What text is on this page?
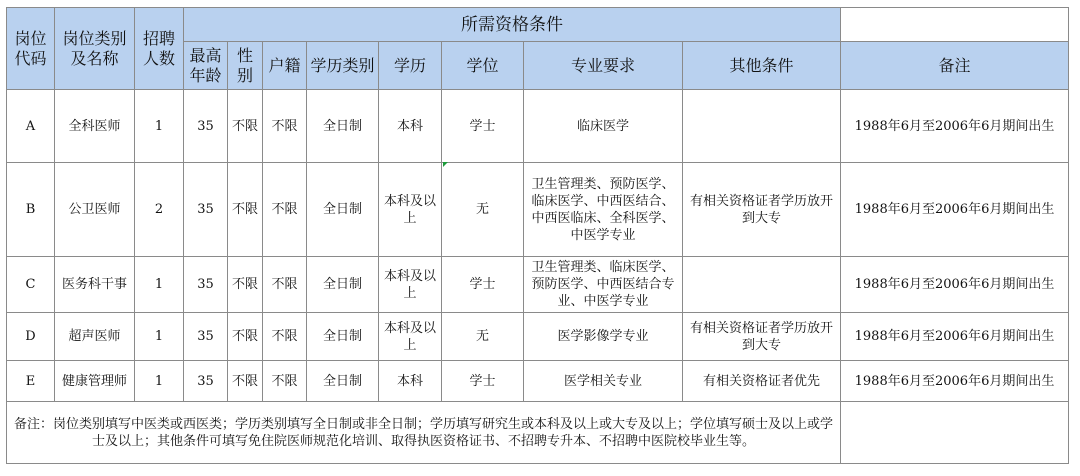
岗位代码	岗位类别及名称	招聘人数	所需资格条件								
			最高年龄	性别	户籍	学历类别	学历	学位	专业要求	其他条件	备注
A	全科医师	1	35	不限	不限	全日制	本科	学士	临床医学		1988年6月至2006年6月期间出生
B	公卫医师	2	35	不限	不限	全日制	本科及以上	无	卫生管理类、预防医学、临床医学、中西医结合、中西医临床、全科医学、中医学专业	有相关资格证者学历放开到大专	1988年6月至2006年6月期间出生
C	医务科干事	1	35	不限	不限	全日制	本科及以上	学士	卫生管理类、临床医学、预防医学、中西医结合专业、中医学专业		1988年6月至2006年6月期间出生
D	超声医师	1	35	不限	不限	全日制	本科及以上	无	医学影像学专业	有相关资格证者学历放开到大专	1988年6月至2006年6月期间出生
E	健康管理师	1	35	不限	不限	全日制	本科	学士	医学相关专业	有相关资格证者优先	1988年6月至2006年6月期间出生
备注：岗位类别填写中医类或西医类；学历类别填写全日制或非全日制；学历填写研究生或本科及以上或大专及以上；学位填写硕士及以上或学士及以上；其他条件可填写免住院医师规范化培训、取得执医资格证书、不招聘专升本、不招聘中医院校毕业生等。											
